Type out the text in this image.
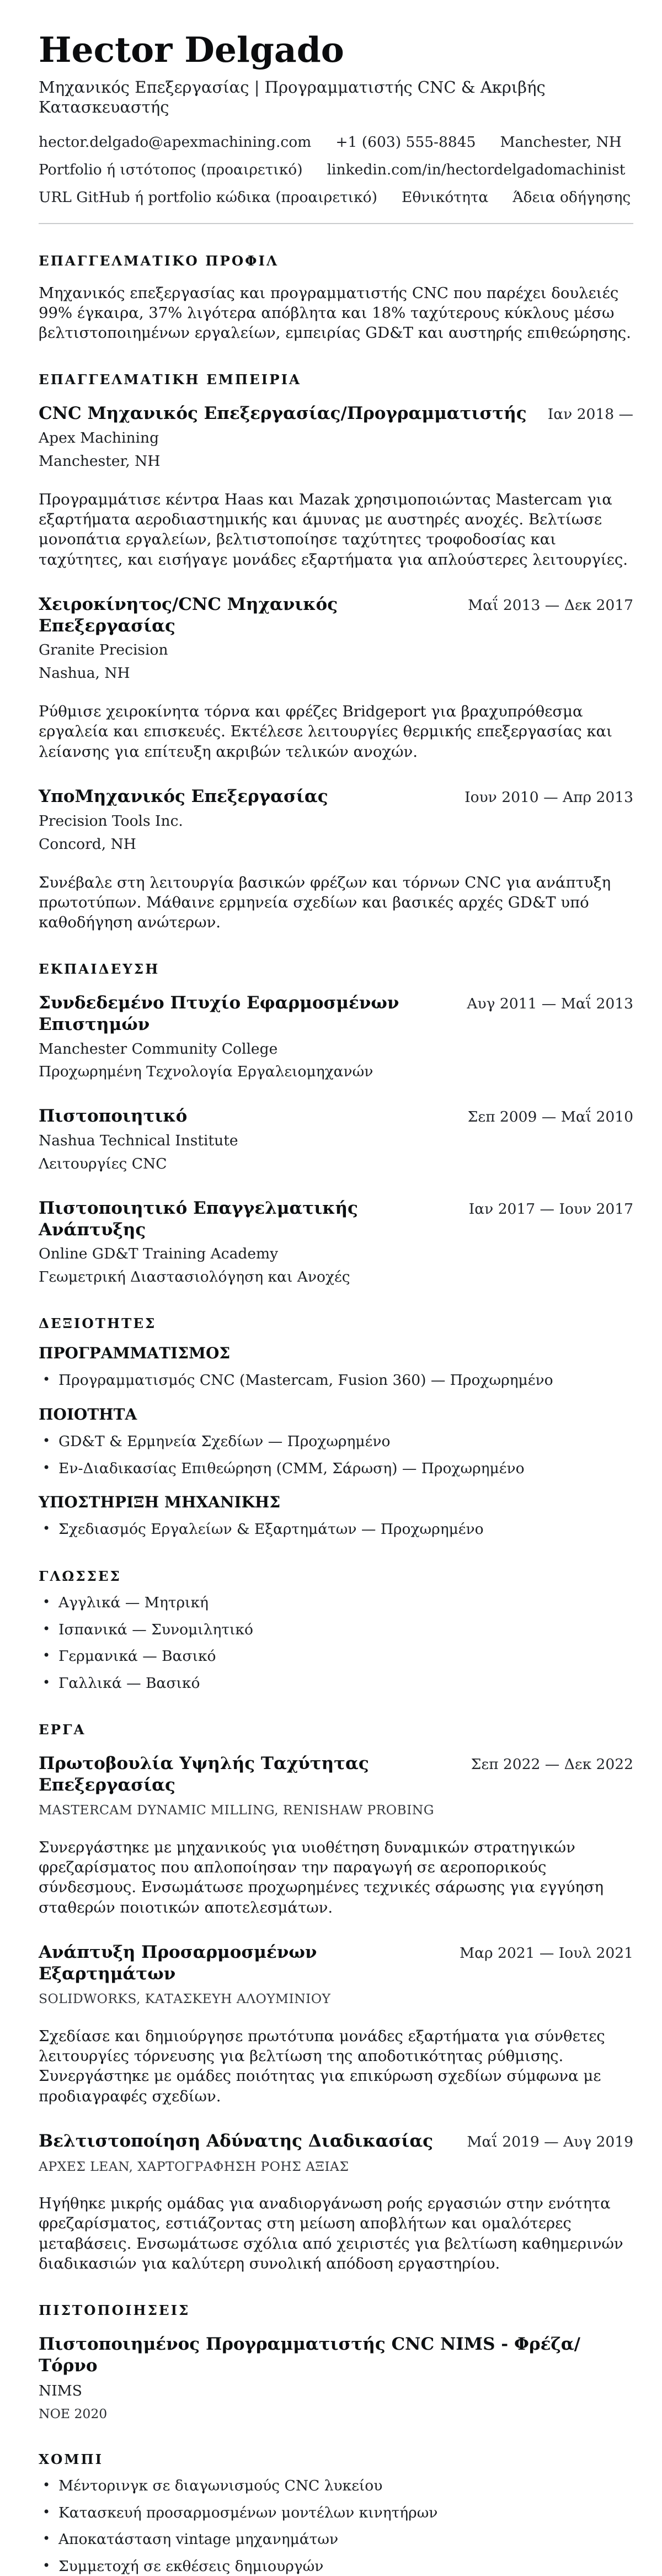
Hector Delgado
Μηχανικός Επεξεργασίας | Προγραμματιστής CNC & Ακριβής Κατασκευαστής
hector.delgado@apexmachining.com +1 (603) 555-8845 Manchester, NH
Portfolio ή ιστότοπος (προαιρετικό) linkedin.com/in/hectordelgadomachinist
URL GitHub ή portfolio κώδικα (προαιρετικό) Εθνικότητα Άδεια οδήγησης
ΕΠΑΓΓΕΛΜΑΤΙΚΟ ΠΡΟΦΙΛ

Μηχανικός επεξεργασίας και προγραμματιστής CNC που παρέχει δουλειές 99% έγκαιρα, 37% λιγότερα απόβλητα και 18% ταχύτερους κύκλους μέσω βελτιστοποιημένων εργαλείων, εμπειρίας GD&T και αυστηρής επιθεώρησης.

ΕΠΑΓΓΕΛΜΑΤΙΚΗ ΕΜΠΕΙΡΙΑ
CNC Μηχανικός Επεξεργασίας/Προγραμματιστής	Ιαν 2018 —
Apex Machining
Manchester, NH

Προγραμμάτισε κέντρα Haas και Mazak χρησιμοποιώντας Mastercam για εξαρτήματα αεροδιαστημικής και άμυνας με αυστηρές ανοχές. Βελτίωσε μονοπάτια εργαλείων, βελτιστοποίησε ταχύτητες τροφοδοσίας και ταχύτητες, και εισήγαγε μονάδες εξαρτήματα για απλούστερες λειτουργίες.

Χειροκίνητος/CNC Μηχανικός Επεξεργασίας
Μαΐ 2013 — Δεκ 2017
Granite Precision
Nashua, NH

Ρύθμισε χειροκίνητα τόρνα και φρέζες Bridgeport για βραχυπρόθεσμα εργαλεία και επισκευές. Εκτέλεσε λειτουργίες θερμικής επεξεργασίας και λείανσης για επίτευξη ακριβών τελικών ανοχών.

ΥποΜηχανικός Επεξεργασίας	Ιουν 2010 — Απρ 2013
Precision Tools Inc.
Concord, NH

Συνέβαλε στη λειτουργία βασικών φρέζων και τόρνων CNC για ανάπτυξη πρωτοτύπων. Μάθαινε ερμηνεία σχεδίων και βασικές αρχές GD&T υπό καθοδήγηση ανώτερων.

ΕΚΠΑΙΔΕΥΣΗ
Συνδεδεμένο Πτυχίο Εφαρμοσμένων Επιστημών
Αυγ 2011 — Μαΐ 2013
Manchester Community College
Προχωρημένη Τεχνολογία Εργαλειομηχανών
Πιστοποιητικό	Σεπ 2009 — Μαΐ 2010
Nashua Technical Institute
Λειτουργίες CNC
Πιστοποιητικό Επαγγελματικής Ανάπτυξης
Ιαν 2017 — Ιουν 2017
Online GD&T Training Academy
Γεωμετρική Διαστασιολόγηση και Ανοχές
ΔΕΞΙΟΤΗΤΕΣ
ΠΡΟΓΡΑΜΜΑΤΙΣΜΟΣ
• Προγραμματισμός CNC (Mastercam, Fusion 360) — Προχωρημένο
ΠΟΙΟΤΗΤΑ
• GD&T & Ερμηνεία Σχεδίων — Προχωρημένο
• Εν-Διαδικασίας Επιθεώρηση (CMM, Σάρωση) — Προχωρημένο
ΥΠΟΣΤΗΡΙΞΗ ΜΗΧΑΝΙΚΗΣ
• Σχεδιασμός Εργαλείων & Εξαρτημάτων — Προχωρημένο
ΓΛΩΣΣΕΣ
• Αγγλικά — Μητρική
• Ισπανικά — Συνομιλητικό
• Γερμανικά — Βασικό
• Γαλλικά — Βασικό
ΕΡΓΑ
Πρωτοβουλία Υψηλής Ταχύτητας Επεξεργασίας
Σεπ 2022 — Δεκ 2022
MASTERCAM DYNAMIC MILLING, RENISHAW PROBING

Συνεργάστηκε με μηχανικούς για υιοθέτηση δυναμικών στρατηγικών φρεζαρίσματος που απλοποίησαν την παραγωγή σε αεροπορικούς σύνδεσμους. Ενσωμάτωσε προχωρημένες τεχνικές σάρωσης για εγγύηση σταθερών ποιοτικών αποτελεσμάτων.

Ανάπτυξη Προσαρμοσμένων Εξαρτημάτων
Μαρ 2021 — Ιουλ 2021
SOLIDWORKS, ΚΑΤΑΣΚΕΥΗ ΑΛΟΥΜΙΝΙΟΥ

Σχεδίασε και δημιούργησε πρωτότυπα μονάδες εξαρτήματα για σύνθετες λειτουργίες τόρνευσης για βελτίωση της αποδοτικότητας ρύθμισης. Συνεργάστηκε με ομάδες ποιότητας για επικύρωση σχεδίων σύμφωνα με προδιαγραφές σχεδίων.

Βελτιστοποίηση Αδύνατης Διαδικασίας	Μαΐ 2019 — Αυγ 2019
ΑΡΧΕΣ LEAN, ΧΑΡΤΟΓΡΑΦΗΣΗ ΡΟΗΣ ΑΞΙΑΣ

Ηγήθηκε μικρής ομάδας για αναδιοργάνωση ροής εργασιών στην ενότητα φρεζαρίσματος, εστιάζοντας στη μείωση αποβλήτων και ομαλότερες μεταβάσεις. Ενσωμάτωσε σχόλια από χειριστές για βελτίωση καθημερινών διαδικασιών για καλύτερη συνολική απόδοση εργαστηρίου.

ΠΙΣΤΟΠΟΙΗΣΕΙΣ
Πιστοποιημένος Προγραμματιστής CNC NIMS - Φρέζα/Τόρνο
NIMS
ΝΟΕ 2020
ΧΟΜΠΙ
• Μέντορινγκ σε διαγωνισμούς CNC λυκείου
• Κατασκευή προσαρμοσμένων μοντέλων κινητήρων
• Αποκατάσταση vintage μηχανημάτων
• Συμμετοχή σε εκθέσεις δημιουργών
